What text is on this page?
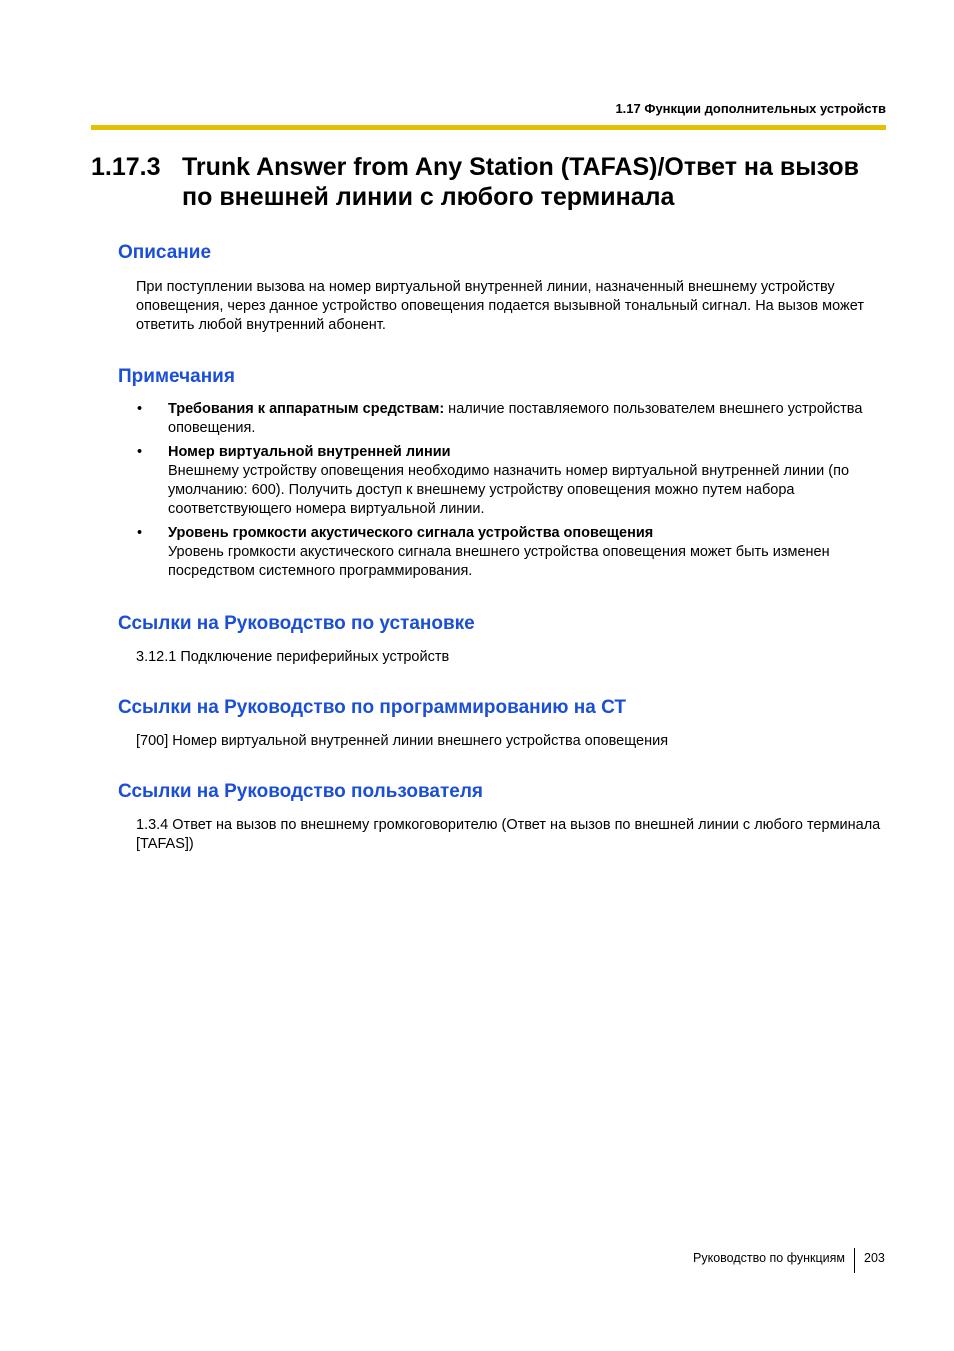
1.17 Функции дополнительных устройств
1.17.3 Trunk Answer from Any Station (TAFAS)/Ответ на вызов по внешней линии с любого терминала
Описание
При поступлении вызова на номер виртуальной внутренней линии, назначенный внешнему устройству оповещения, через данное устройство оповещения подается вызывной тональный сигнал. На вызов может ответить любой внутренний абонент.
Примечания
• Требования к аппаратным средствам: наличие поставляемого пользователем внешнего устройства оповещения.
• Номер виртуальной внутренней линии
Внешнему устройству оповещения необходимо назначить номер виртуальной внутренней линии (по умолчанию: 600). Получить доступ к внешнему устройству оповещения можно путем набора соответствующего номера виртуальной линии.
• Уровень громкости акустического сигнала устройства оповещения
Уровень громкости акустического сигнала внешнего устройства оповещения может быть изменен посредством системного программирования.
Ссылки на Руководство по установке
3.12.1 Подключение периферийных устройств
Ссылки на Руководство по программированию на СТ
[700] Номер виртуальной внутренней линии внешнего устройства оповещения
Ссылки на Руководство пользователя
1.3.4 Ответ на вызов по внешнему громкоговорителю (Ответ на вызов по внешней линии с любого терминала [TAFAS])
Руководство по функциям 203
